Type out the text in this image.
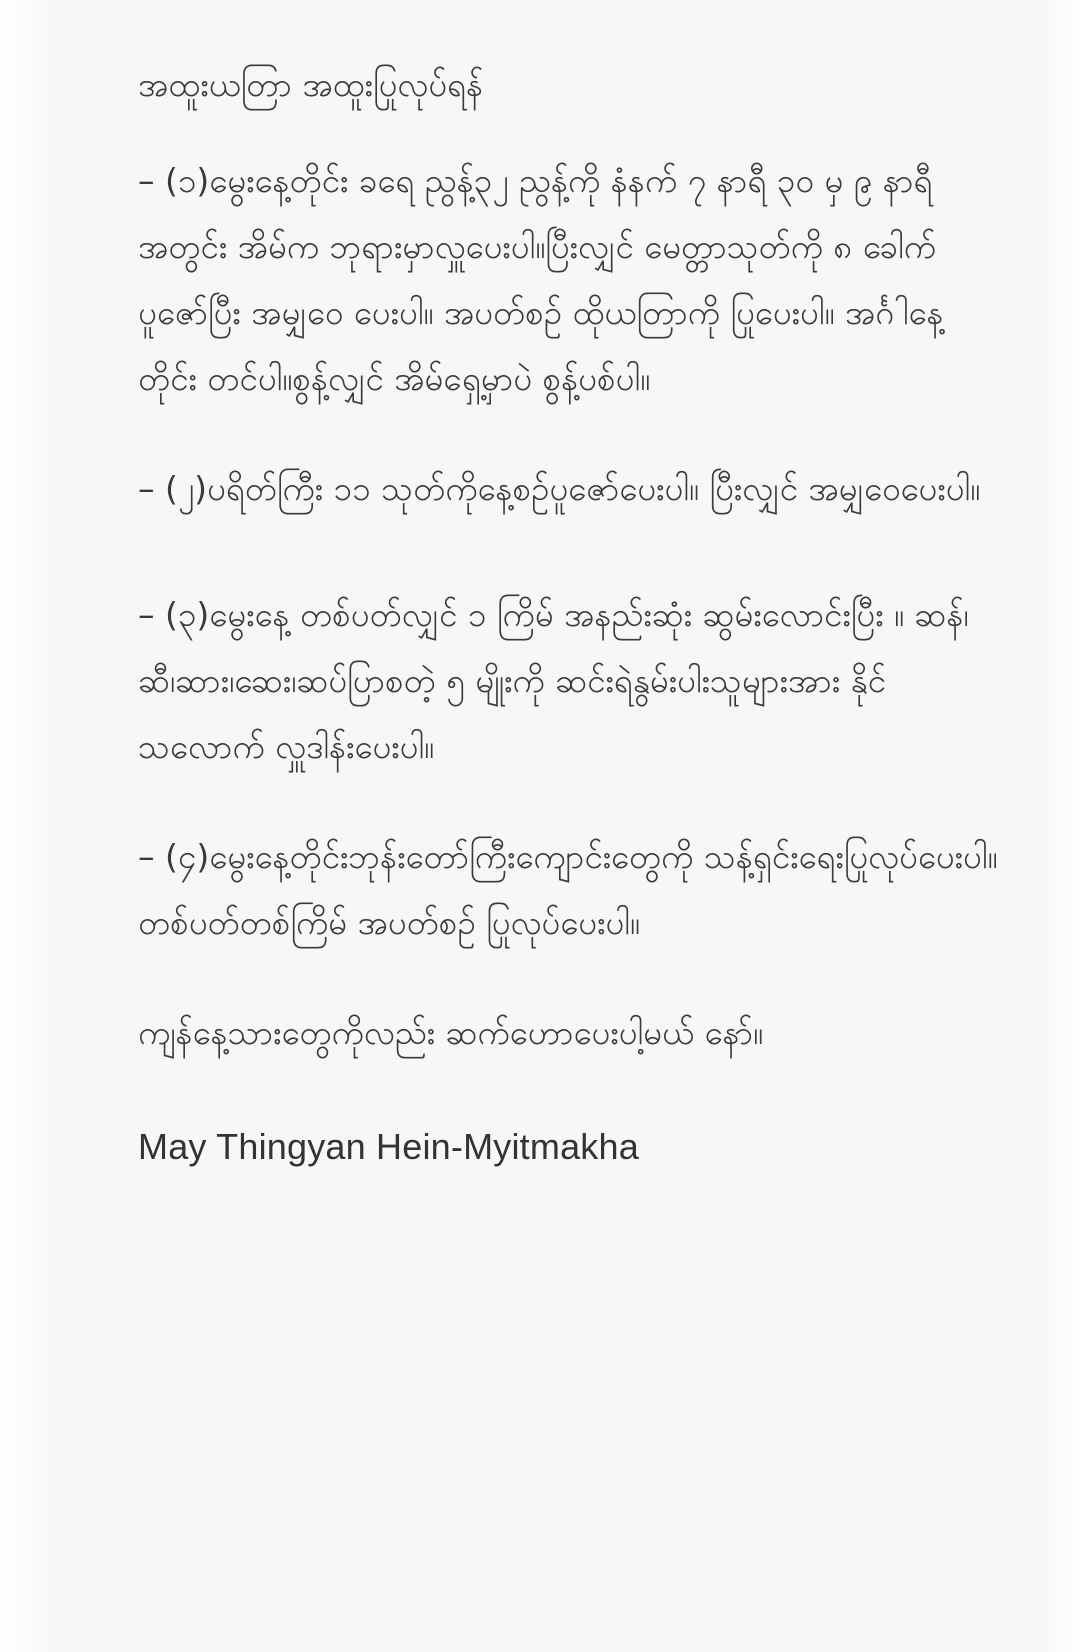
အထူးယတြာ အထူးပြုလုပ်ရန်

– (၁)မွေးနေ့တိုင်း ခရေ ညွန့်၃၂ ညွန့်ကို နံနက် ၇ နာရီ ၃၀ မှ ၉ နာရီအတွင်း အိမ်က ဘုရားမှာလှူပေးပါ။ပြီးလျှင် မေတ္တာသုတ်ကို ၈ ခေါက်ပူဇော်ပြီး အမျှဝေ ပေးပါ။ အပတ်စဉ် ထိုယတြာကို ပြုပေးပါ။ အင်္ဂါနေ့တိုင်း တင်ပါ။စွန့်လျှင် အိမ်ရှေ့မှာပဲ စွန့်ပစ်ပါ။

– (၂)ပရိတ်ကြီး ၁၁ သုတ်ကိုနေ့စဉ်ပူဇော်ပေးပါ။ ပြီးလျှင် အမျှဝေပေးပါ။

– (၃)မွေးနေ့ တစ်ပတ်လျှင် ၁ ကြိမ် အနည်းဆုံး ဆွမ်းလောင်းပြီး ။ ဆန်၊ဆီ၊ဆား၊ဆေး၊ဆပ်ပြာစတဲ့ ၅ မျိုးကို ဆင်းရဲနွမ်းပါးသူများအား နိုင်သလောက် လှူဒါန်းပေးပါ။

– (၄)မွေးနေ့တိုင်းဘုန်းတော်ကြီးကျောင်းတွေကို သန့်ရှင်းရေးပြုလုပ်ပေးပါ။ တစ်ပတ်တစ်ကြိမ် အပတ်စဉ် ပြုလုပ်ပေးပါ။

ကျန်နေ့သားတွေကိုလည်း ဆက်ဟောပေးပါ့မယ် နော်။

May Thingyan Hein-Myitmakha
